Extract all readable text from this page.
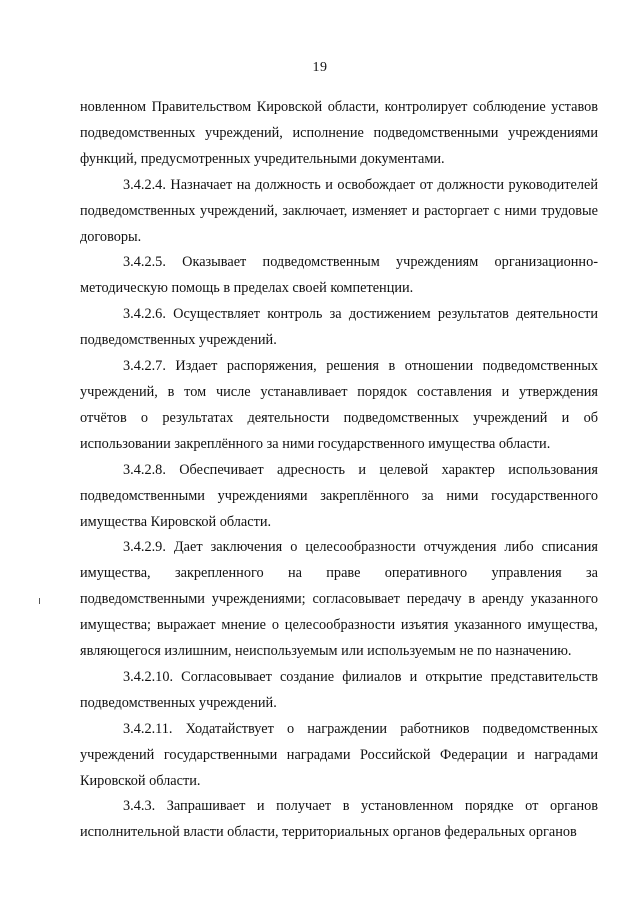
19

новленном Правительством Кировской области, контролирует соблюдение уставов подведомственных учреждений, исполнение подведомственными учреждениями функций, предусмотренных учредительными документами.

3.4.2.4. Назначает на должность и освобождает от должности руководителей подведомственных учреждений, заключает, изменяет и расторгает с ними трудовые договоры.

3.4.2.5. Оказывает подведомственным учреждениям организационно-методическую помощь в пределах своей компетенции.

3.4.2.6. Осуществляет контроль за достижением результатов деятельности подведомственных учреждений.

3.4.2.7. Издает распоряжения, решения в отношении подведомственных учреждений, в том числе устанавливает порядок составления и утверждения отчётов о результатах деятельности подведомственных учреждений и об использовании закреплённого за ними государственного имущества области.

3.4.2.8. Обеспечивает адресность и целевой характер использования подведомственными учреждениями закреплённого за ними государственного имущества Кировской области.

3.4.2.9. Дает заключения о целесообразности отчуждения либо списания имущества, закрепленного на праве оперативного управления за подведомственными учреждениями; согласовывает передачу в аренду указанного имущества; выражает мнение о целесообразности изъятия указанного имущества, являющегося излишним, неиспользуемым или используемым не по назначению.

3.4.2.10. Согласовывает создание филиалов и открытие представительств подведомственных учреждений.

3.4.2.11. Ходатайствует о награждении работников подведомственных учреждений государственными наградами Российской Федерации и наградами Кировской области.

3.4.3. Запрашивает и получает в установленном порядке от органов исполнительной власти области, территориальных органов федеральных органов
